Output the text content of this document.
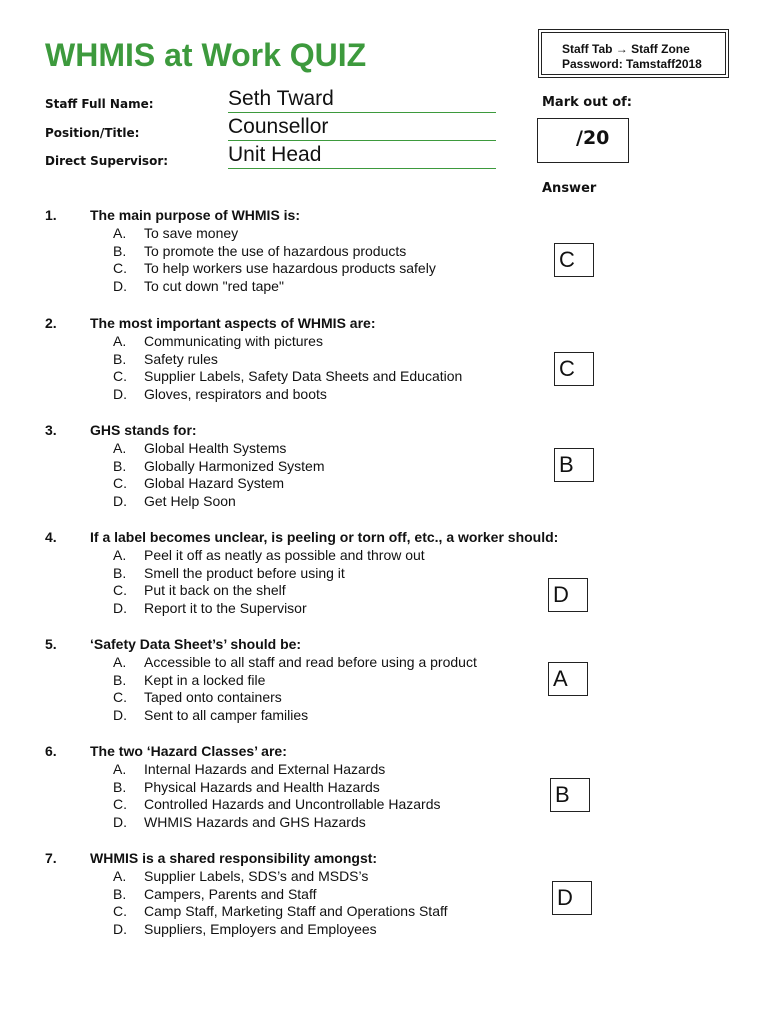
WHMIS at Work QUIZ	Staff Tab → Staff Zone
Password: Tamstaff2018
Staff Full Name:	Seth Tward
Position/Title:	Counsellor
Direct Supervisor:	Unit Head
Mark out of:
/20
Answer
1. The main purpose of WHMIS is:
A. To save money
B. To promote the use of hazardous products
C. To help workers use hazardous products safely
D. To cut down "red tape"
C
2. The most important aspects of WHMIS are:
A. Communicating with pictures
B. Safety rules
C. Supplier Labels, Safety Data Sheets and Education
D. Gloves, respirators and boots
C
3. GHS stands for:
A. Global Health Systems
B. Globally Harmonized System
C. Global Hazard System
D. Get Help Soon
B
4. If a label becomes unclear, is peeling or torn off, etc., a worker should:
A. Peel it off as neatly as possible and throw out
B. Smell the product before using it
C. Put it back on the shelf
D. Report it to the Supervisor
D
5. ‘Safety Data Sheet’s’ should be:
A. Accessible to all staff and read before using a product
B. Kept in a locked file
C. Taped onto containers
D. Sent to all camper families
A
6. The two ‘Hazard Classes’ are:
A. Internal Hazards and External Hazards
B. Physical Hazards and Health Hazards
C. Controlled Hazards and Uncontrollable Hazards
D. WHMIS Hazards and GHS Hazards
B
7. WHMIS is a shared responsibility amongst:
A. Supplier Labels, SDS’s and MSDS’s
B. Campers, Parents and Staff
C. Camp Staff, Marketing Staff and Operations Staff
D. Suppliers, Employers and Employees
D
